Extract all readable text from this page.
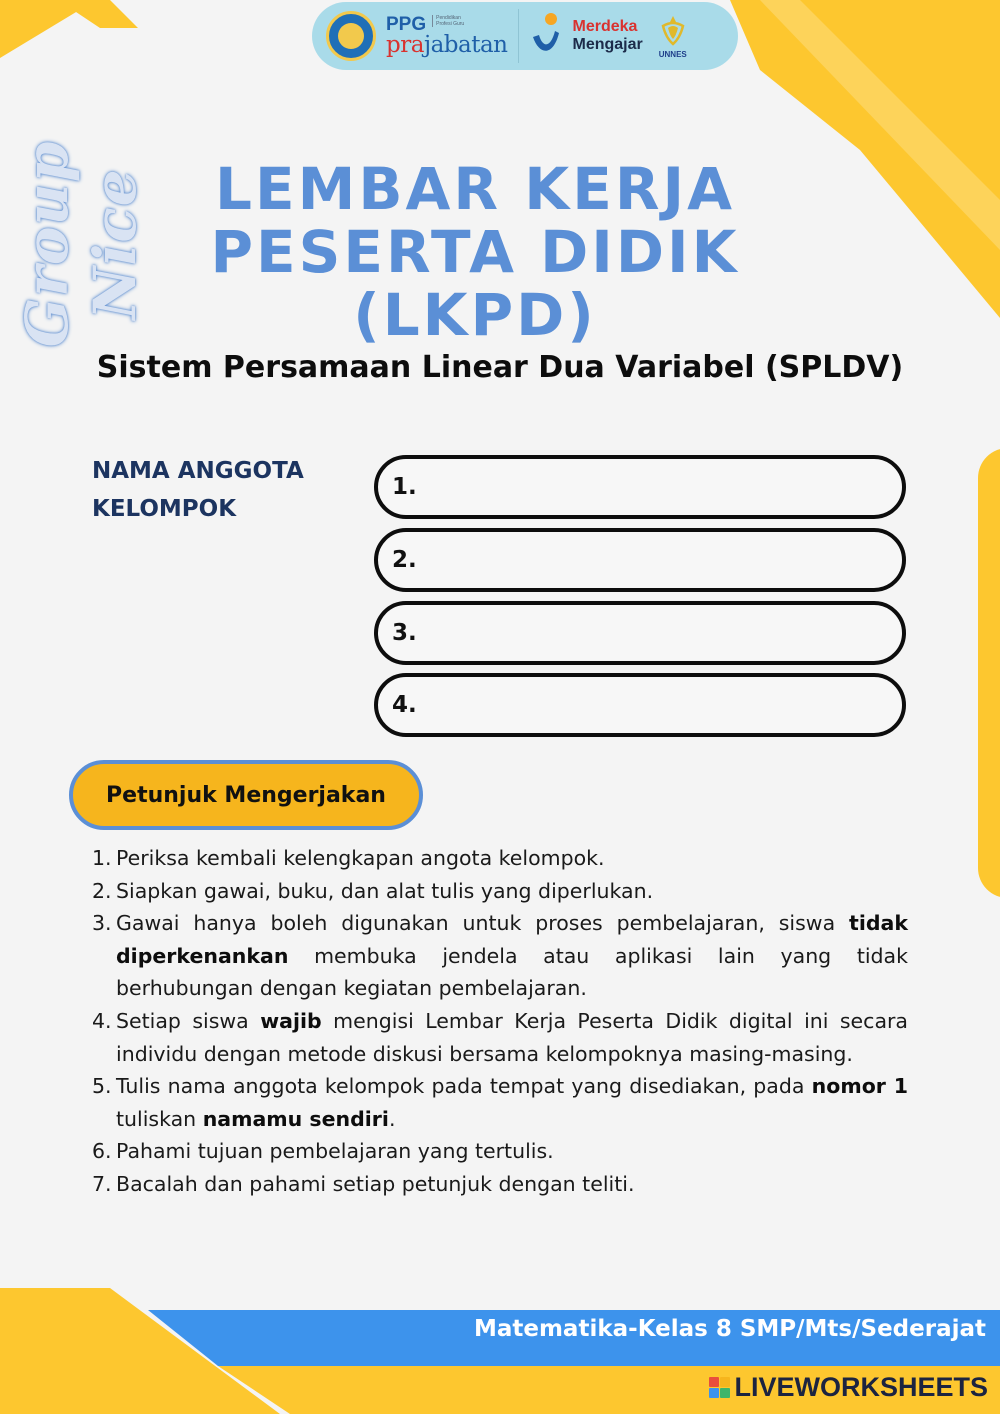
PPG	Pendidikan Profesi Guru
prajabatan
Merdeka
Mengajar
UNNES
Group Nice	LEMBAR KERJA
PESERTA DIDIK
(LKPD)
Sistem Persamaan Linear Dua Variabel (SPLDV)
NAMA ANGGOTA
KELOMPOK
1.
2.
3.
4.
Petunjuk Mengerjakan
1. Periksa kembali kelengkapan angota kelompok.
2. Siapkan gawai, buku, dan alat tulis yang diperlukan.
3. Gawai hanya boleh digunakan untuk proses pembelajaran, siswa tidak diperkenankan membuka jendela atau aplikasi lain yang tidak berhubungan dengan kegiatan pembelajaran.
4. Setiap siswa wajib mengisi Lembar Kerja Peserta Didik digital ini secara individu dengan metode diskusi bersama kelompoknya masing-masing.
5. Tulis nama anggota kelompok pada tempat yang disediakan, pada nomor 1 tuliskan namamu sendiri.
6. Pahami tujuan pembelajaran yang tertulis.
7. Bacalah dan pahami setiap petunjuk dengan teliti.
Matematika-Kelas 8 SMP/Mts/Sederajat
LIVEWORKSHEETS
